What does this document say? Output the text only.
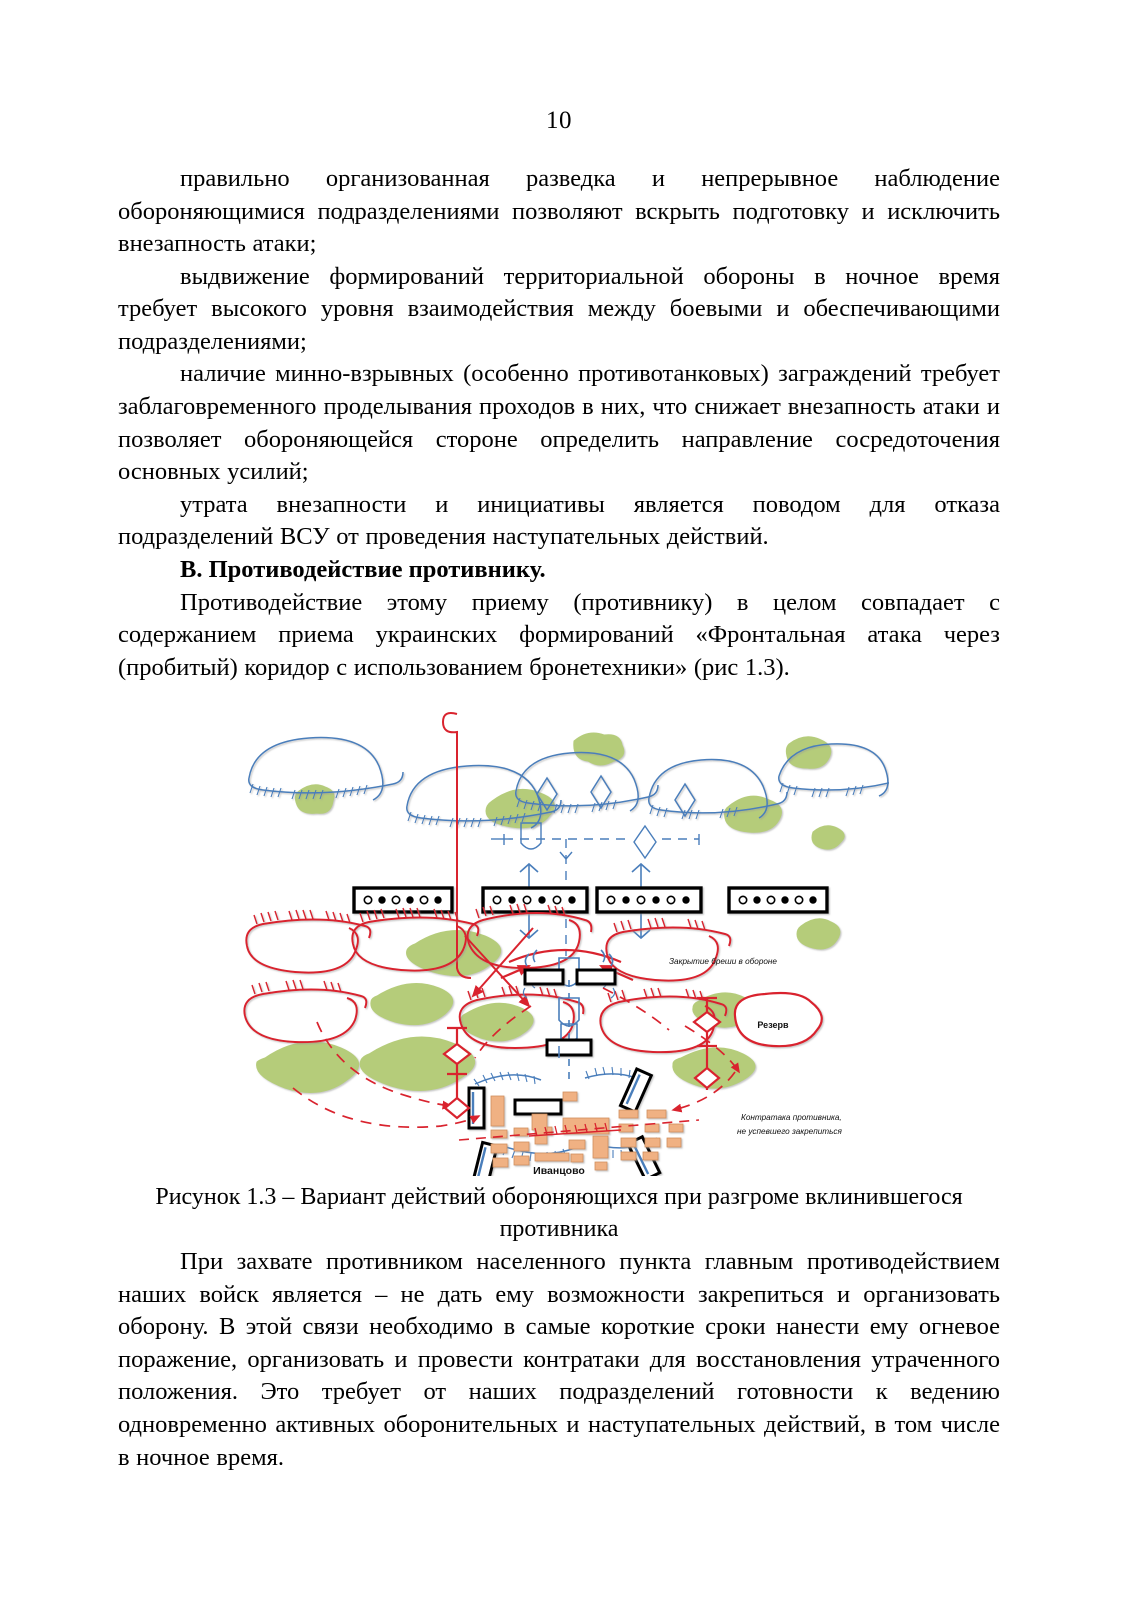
10

правильно организованная разведка и непрерывное наблюдение обороняющимися подразделениями позволяют вскрыть подготовку и исключить внезапность атаки;

выдвижение формирований территориальной обороны в ночное время требует высокого уровня взаимодействия между боевыми и обеспечивающими подразделениями;

наличие минно-взрывных (особенно противотанковых) заграждений требует заблаговременного проделывания проходов в них, что снижает внезапность атаки и позволяет обороняющейся стороне определить направление сосредоточения основных усилий;

утрата внезапности и инициативы является поводом для отказа подразделений ВСУ от проведения наступательных действий.

В. Противодействие противнику.

Противодействие этому приему (противнику) в целом совпадает с содержанием приема украинских формирований «Фронтальная атака через (пробитый) коридор с использованием бронетехники» (рис 1.3).

Иванцово
Резерв
Закрытие бреши в обороне
Контратака противника,
не успевшего закрепиться

Рисунок 1.3 – Вариант действий обороняющихся при разгроме вклинившегося противника

При захвате противником населенного пункта главным противодействием наших войск является – не дать ему возможности закрепиться и организовать оборону. В этой связи необходимо в самые короткие сроки нанести ему огневое поражение, организовать и провести контратаки для восстановления утраченного положения. Это требует от наших подразделений готовности к ведению одновременно активных оборонительных и наступательных действий, в том числе в ночное время.
